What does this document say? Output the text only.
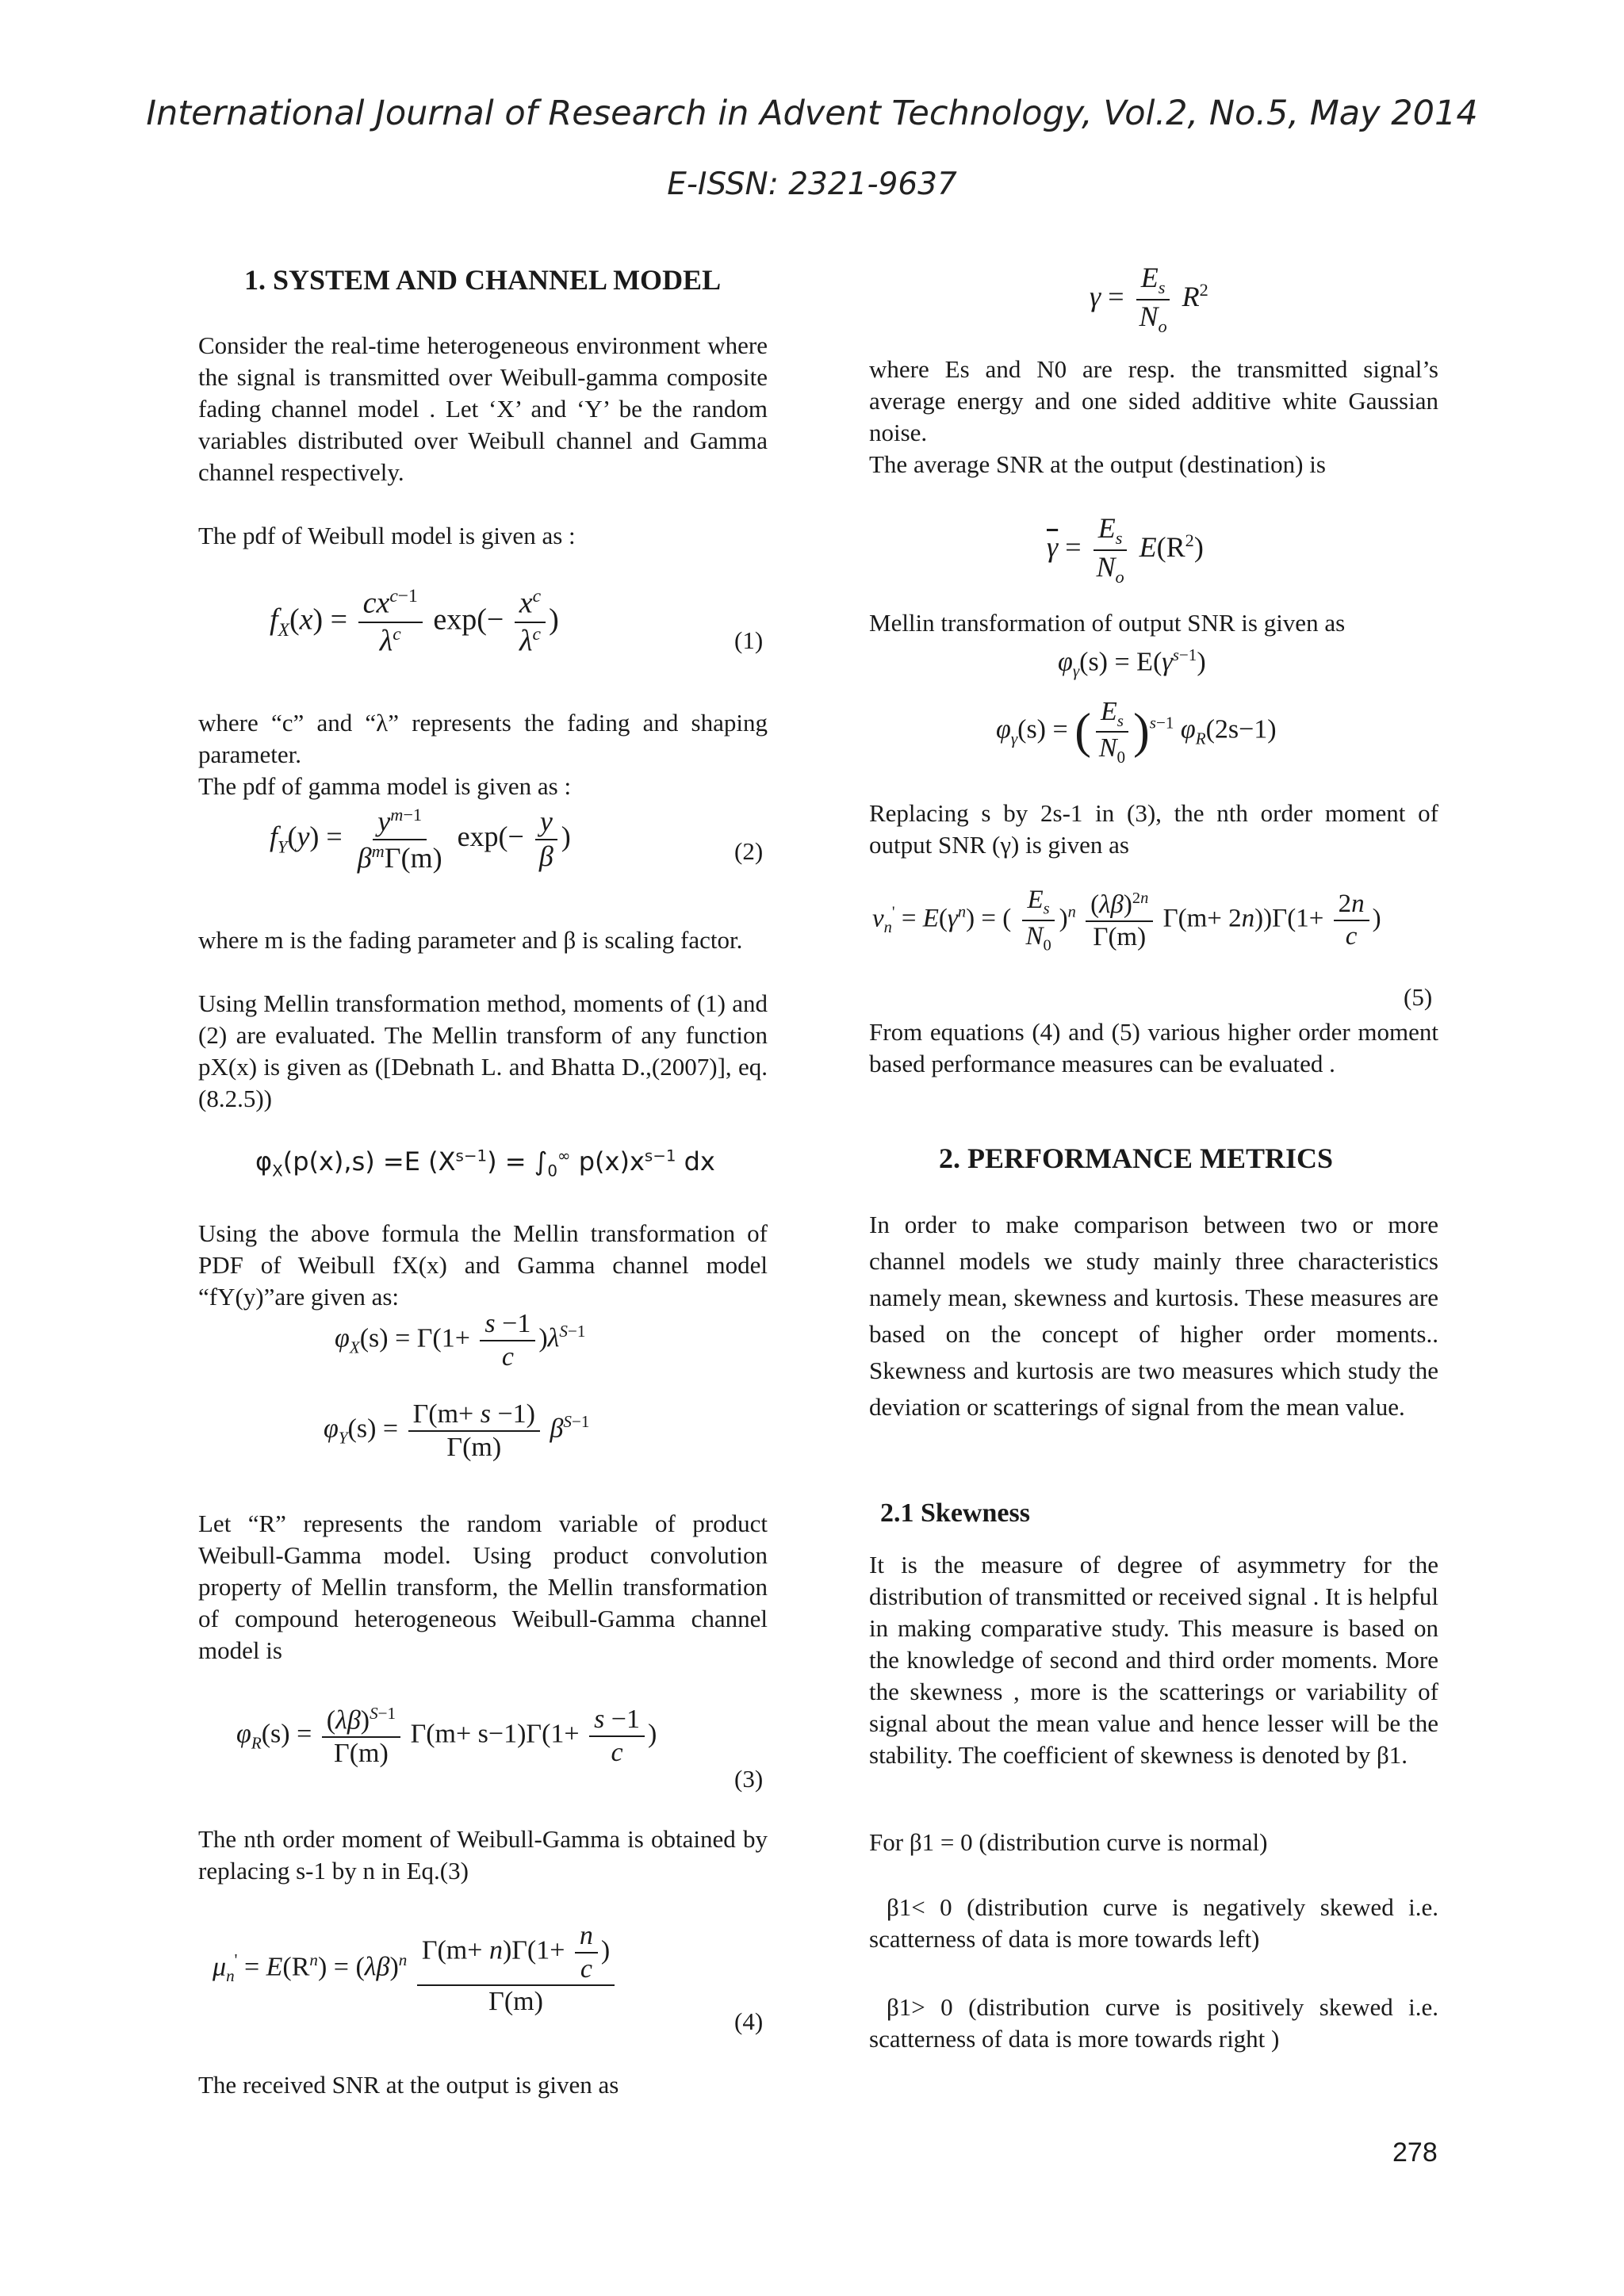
International Journal of Research in Advent Technology, Vol.2, No.5, May 2014
E-ISSN: 2321-9637
1. SYSTEM AND CHANNEL MODEL

Consider the real-time heterogeneous environment where the signal is transmitted over Weibull-gamma composite fading channel model . Let ‘X’ and ‘Y’ be the random variables distributed over Weibull channel and Gamma channel respectively.

The pdf of Weibull model is given as :

$f_X(x) = \frac{cx^{c-1}}{\lambda^c} \exp(- \frac{x^c}{\lambda^c}$ )
(1)

where “c” and “λ” represents the fading and shaping parameter.

The pdf of gamma model is given as :

$f_Y(y) = \frac{y^{m-1}}{\beta^m\Gamma(m)} \exp(- \frac{y}{\beta}$ )	(2)

where m is the fading parameter and β is scaling factor.

Using Mellin transformation method, moments of (1) and (2) are evaluated. The Mellin transform of any function pX(x) is given as ([Debnath L. and Bhatta D.,(2007)], eq. (8.2.5))

$\varphi_X(p(x),s) =E$ $(X^{s-1}) = \int_0^\infty$ $p(x)x^{s-1}$ dx

Using the above formula the Mellin transformation of PDF of Weibull fX(x) and Gamma channel model “fY(y)”are given as:

$\varphi_X(s) = \Gamma(1+ \frac{s -1}{c} )\lambda^{S-1}$
$\varphi_Y(s) = \frac{\Gamma(m+ s -1)}{\Gamma(m)} \beta^{S-1}$

Let “R” represents the random variable of product Weibull-Gamma model. Using product convolution property of Mellin transform, the Mellin transformation of compound heterogeneous Weibull-Gamma channel model is

$\varphi_R(s) = \frac{(\lambda\beta)^{S-1}}{\Gamma(m)} \Gamma(m+ s-1)\Gamma(1+ \frac{s -1}{c}$ )
(3)

The nth order moment of Weibull-Gamma is obtained by replacing s-1 by n in Eq.(3)

$\mu_n' = E(R^n) = (\lambda\beta)^n \frac{\Gamma(m+ n)\Gamma(1+ \frac{n}{c} )}{\Gamma(m)}$
(4)

The received SNR at the output is given as

$\gamma = \frac{E_s}{N_o} R^2$

where Es and N0 are resp. the transmitted signal’s average energy and one sided additive white Gaussian noise.

The average SNR at the output (destination) is

$\overline{\gamma} = \frac{E_s}{N_o} E(R^2)$

Mellin transformation of output SNR is given as

$\varphi_\gamma(s) = E(\gamma^{s-1})$
$\varphi_\gamma(s)$ = ( $\frac{E_s}{N_0} )^{s-1}$ $\varphi_R(2s-1)$

Replacing s by 2s-1 in (3), the nth order moment of output SNR (γ) is given as

$\nu_n' = E(\gamma^n)$ = ( $\frac{E_s}{N_0} )^n \frac{(\lambda\beta)^{2n}}{\Gamma(m)} \Gamma(m+ 2n))\Gamma(1+ \frac{2n}{c}$ )
(5)

From equations (4) and (5) various higher order moment based performance measures can be evaluated .

2. PERFORMANCE METRICS

In order to make comparison between two or more channel models we study mainly three characteristics namely mean, skewness and kurtosis. These measures are based on the concept of higher order moments.. Skewness and kurtosis are two measures which study the deviation or scatterings of signal from the mean value.

2.1 Skewness

It is the measure of degree of asymmetry for the distribution of transmitted or received signal . It is helpful in making comparative study. This measure is based on the knowledge of second and third order moments. More the skewness , more is the scatterings or variability of signal about the mean value and hence lesser will be the stability. The coefficient of skewness is denoted by β1.

For β1 = 0 (distribution curve is normal)

β1< 0 (distribution curve is negatively skewed i.e. scatterness of data is more towards left)

β1> 0 (distribution curve is positively skewed i.e. scatterness of data is more towards right )

278
